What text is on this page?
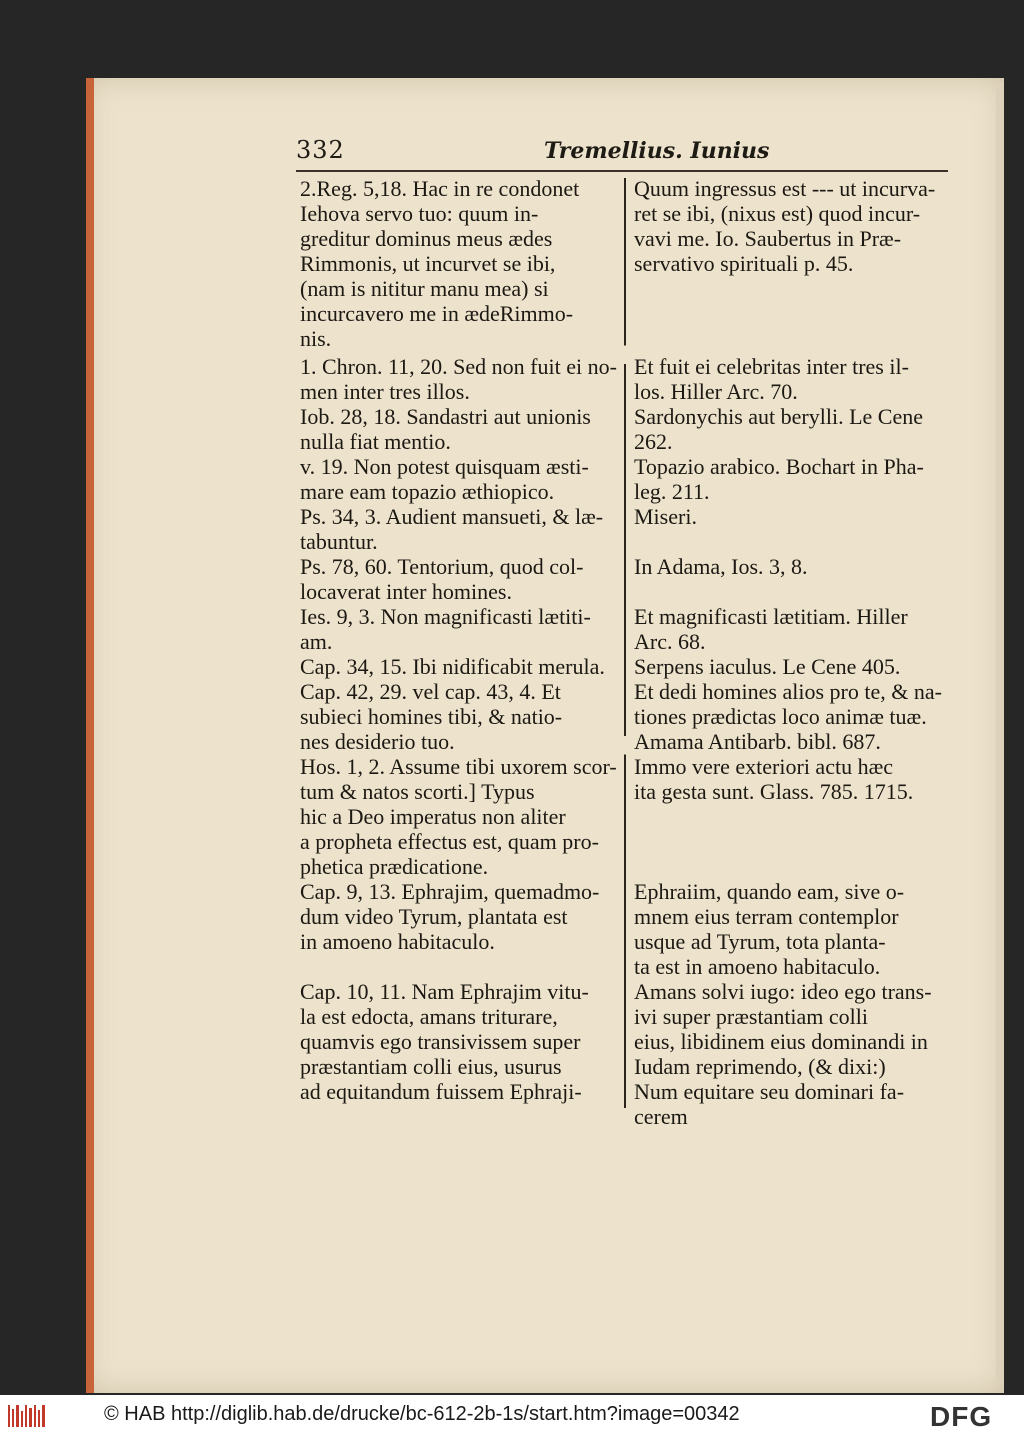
332	Tremellius. Iunius
2.Reg. 5,18. Hac in re condonet
Iehova servo tuo: quum in-
greditur dominus meus ædes
Rimmonis, ut incurvet se ibi,
(nam is nititur manu mea) si
incurcavero me in ædeRimmo-
nis.
1. Chron. 11, 20. Sed non fuit ei no-
men inter tres illos.
Iob. 28, 18. Sandastri aut unionis
nulla fiat mentio.
v. 19. Non potest quisquam æsti-
mare eam topazio æthiopico.
Ps. 34, 3. Audient mansueti, & læ-
tabuntur.
Ps. 78, 60. Tentorium, quod col-
locaverat inter homines.
Ies. 9, 3. Non magnificasti lætiti-
am.
Cap. 34, 15. Ibi nidificabit merula.
Cap. 42, 29. vel cap. 43, 4. Et
subieci homines tibi, & natio-
nes desiderio tuo.
Hos. 1, 2. Assume tibi uxorem scor-
tum & natos scorti.] Typus
hic a Deo imperatus non aliter
a propheta effectus est, quam pro-
phetica prædicatione.
Cap. 9, 13. Ephrajim, quemadmo-
dum video Tyrum, plantata est
in amoeno habitaculo.
Cap. 10, 11. Nam Ephrajim vitu-
la est edocta, amans triturare,
quamvis ego transivissem super
præstantiam colli eius, usurus
ad equitandum fuissem Ephraji-
Quum ingressus est --- ut incurva-
ret se ibi, (nixus est) quod incur-
vavi me. Io. Saubertus in Præ-
servativo spirituali p. 45.
Et fuit ei celebritas inter tres il-
los. Hiller Arc. 70.
Sardonychis aut berylli. Le Cene 262.
Topazio arabico. Bochart in Pha-
leg. 211.
Miseri.
In Adama, Ios. 3, 8.
Et magnificasti lætitiam. Hiller
Arc. 68.
Serpens iaculus. Le Cene 405.
Et dedi homines alios pro te, & na-
tiones prædictas loco animæ tuæ.
Amama Antibarb. bibl. 687.
Immo vere exteriori actu hæc
ita gesta sunt. Glass. 785. 1715.
Ephraiim, quando eam, sive o-
mnem eius terram contemplor
usque ad Tyrum, tota planta-
ta est in amoeno habitaculo.
Amans solvi iugo: ideo ego trans-
ivi super præstantiam colli
eius, libidinem eius dominandi in
Iudam reprimendo, (& dixi:)
Num equitare seu dominari fa-
cerem
© HAB http://diglib.hab.de/drucke/bc-612-2b-1s/start.htm?image=00342	DFG
